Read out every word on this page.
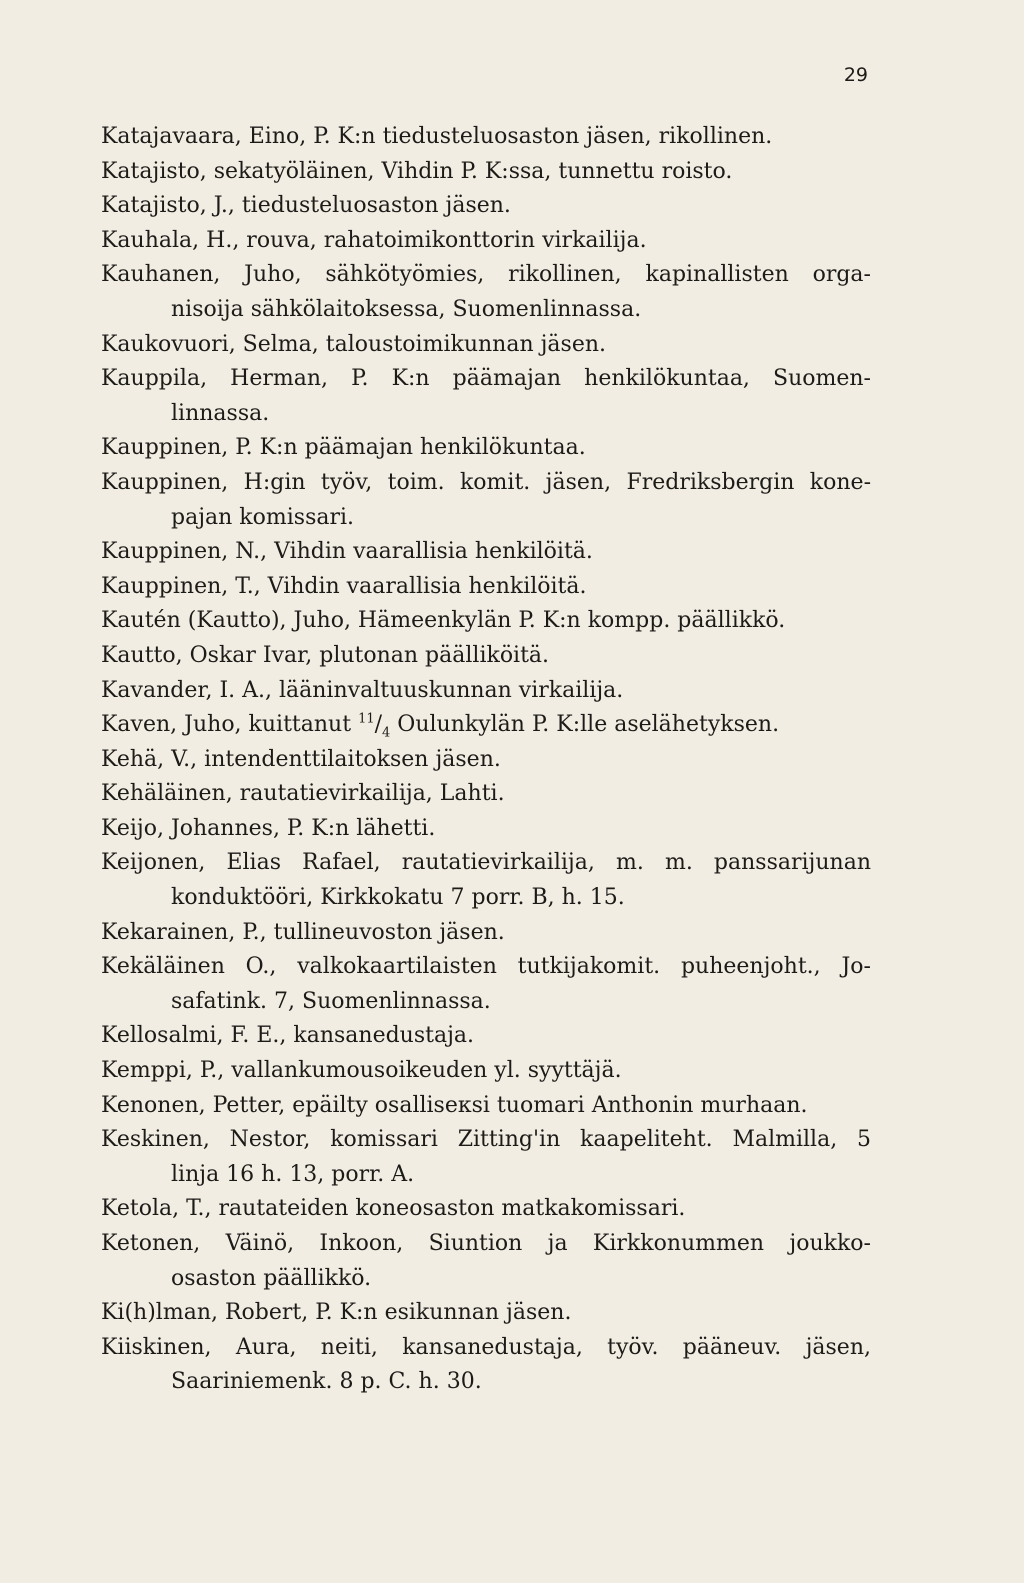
29

Katajavaara, Eino, P. K:n tiedusteluosaston jäsen, rikollinen.

Katajisto, sekatyöläinen, Vihdin P. K:ssa, tunnettu roisto.

Katajisto, J., tiedusteluosaston jäsen.

Kauhala, H., rouva, rahatoimikonttorin virkailija.

Kauhanen, Juho, sähkötyömies, rikollinen, kapinallisten orga-
nisoija sähkölaitoksessa, Suomenlinnassa.

Kaukovuori, Selma, taloustoimikunnan jäsen.

Kauppila, Herman, P. K:n päämajan henkilökuntaa, Suomen-
linnassa.

Kauppinen, P. K:n päämajan henkilökuntaa.

Kauppinen, H:gin työv, toim. komit. jäsen, Fredriksbergin kone-
pajan komissari.

Kauppinen, N., Vihdin vaarallisia henkilöitä.

Kauppinen, T., Vihdin vaarallisia henkilöitä.

Kautén (Kautto), Juho, Hämeenkylän P. K:n kompp. päällikkö.

Kautto, Oskar Ivar, plutonan päälliköitä.

Kavander, I. A., lääninvaltuuskunnan virkailija.

Kaven, Juho, kuittanut $^{11}/_4$ Oulunkylän P. K:lle aselähetyksen.

Kehä, V., intendenttilaitoksen jäsen.

Kehäläinen, rautatievirkailija, Lahti.

Keijo, Johannes, P. K:n lähetti.

Keijonen, Elias Rafael, rautatievirkailija, m. m. panssarijunan
konduktööri, Kirkkokatu 7 porr. B, h. 15.

Kekarainen, P., tullineuvoston jäsen.

Kekäläinen O., valkokaartilaisten tutkijakomit. puheenjoht., Jo-
safatink. 7, Suomenlinnassa.

Kellosalmi, F. E., kansanedustaja.

Kemppi, P., vallankumousoikeuden yl. syyttäjä.

Kenonen, Petter, epäilty osalliseκsi tuomari Anthonin murhaan.

Keskinen, Nestor, komissari Zitting'in kaapeliteht. Malmilla, 5
linja 16 h. 13, porr. A.

Ketola, T., rautateiden koneosaston matkakomissari.

Ketonen, Väinö, Inkoon, Siuntion ja Kirkkonummen joukko-
osaston päällikkö.

Ki(h)lman, Robert, P. K:n esikunnan jäsen.

Kiiskinen, Aura, neiti, kansanedustaja, työv. pääneuv. jäsen,
Saariniemenk. 8 p. C. h. 30.
